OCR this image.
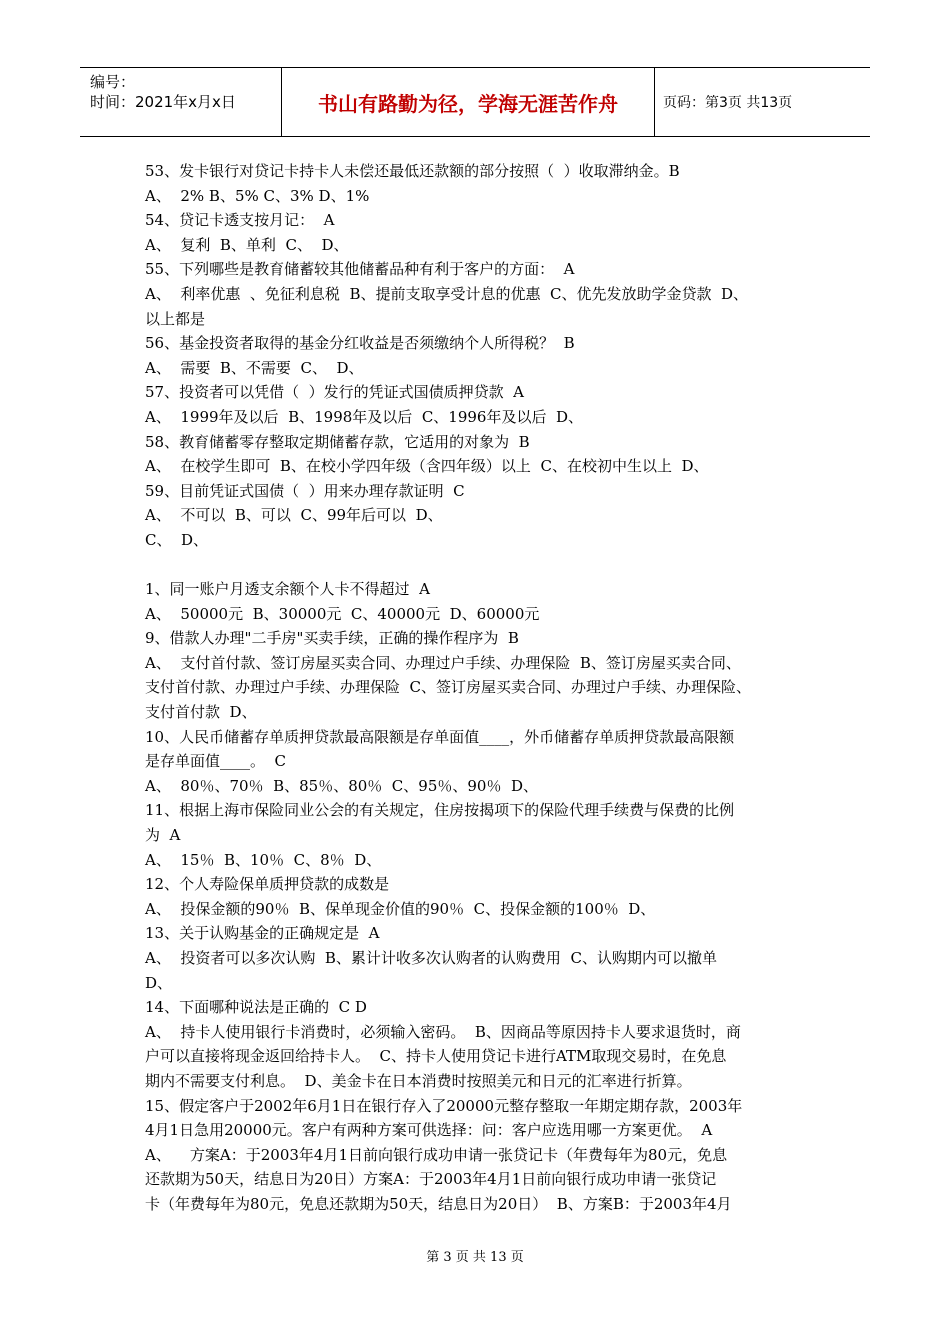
编号：
时间：2021年x月x日	书山有路勤为径，学海无涯苦作舟	页码：第3页 共13页

53、发卡银行对贷记卡持卡人未偿还最低还款额的部分按照（  ）收取滞纳金。B

A、  2% B、5% C、3% D、1%

54、贷记卡透支按月记：  A

A、  复利  B、单利  C、  D、

55、下列哪些是教育储蓄较其他储蓄品种有利于客户的方面：  A

A、  利率优惠  、免征利息税  B、提前支取享受计息的优惠  C、优先发放助学金贷款  D、

以上都是

56、基金投资者取得的基金分红收益是否须缴纳个人所得税？  B

A、  需要  B、不需要  C、  D、

57、投资者可以凭借（  ）发行的凭证式国债质押贷款  A

A、  1999年及以后  B、1998年及以后  C、1996年及以后  D、

58、教育储蓄零存整取定期储蓄存款，它适用的对象为  B

A、  在校学生即可  B、在校小学四年级（含四年级）以上  C、在校初中生以上  D、

59、目前凭证式国债（  ）用来办理存款证明  C

A、  不可以  B、可以  C、99年后可以  D、

C、  D、

1、同一账户月透支余额个人卡不得超过  A

A、  50000元  B、30000元  C、40000元  D、60000元

9、借款人办理"二手房"买卖手续，正确的操作程序为  B

A、  支付首付款、签订房屋买卖合同、办理过户手续、办理保险  B、签订房屋买卖合同、

支付首付款、办理过户手续、办理保险  C、签订房屋买卖合同、办理过户手续、办理保险、

支付首付款  D、

10、人民币储蓄存单质押贷款最高限额是存单面值____，外币储蓄存单质押贷款最高限额

是存单面值____。  C

A、  80％、70％  B、85％、80％  C、95％、90％  D、

11、根据上海市保险同业公会的有关规定，住房按揭项下的保险代理手续费与保费的比例

为  A

A、  15％  B、10％  C、8％  D、

12、个人寿险保单质押贷款的成数是

A、  投保金额的90％  B、保单现金价值的90％  C、投保金额的100％  D、

13、关于认购基金的正确规定是  A

A、  投资者可以多次认购  B、累计计收多次认购者的认购费用  C、认购期内可以撤单

D、

14、下面哪种说法是正确的  C D

A、  持卡人使用银行卡消费时，必须输入密码。  B、因商品等原因持卡人要求退货时，商

户可以直接将现金返回给持卡人。  C、持卡人使用贷记卡进行ATM取现交易时，在免息

期内不需要支付利息。  D、美金卡在日本消费时按照美元和日元的汇率进行折算。

15、假定客户于2002年6月1日在银行存入了20000元整存整取一年期定期存款，2003年

4月1日急用20000元。客户有两种方案可供选择：问：客户应选用哪一方案更优。  A

A、    方案A：于2003年4月1日前向银行成功申请一张贷记卡（年费每年为80元，免息

还款期为50天，结息日为20日）方案A：于2003年4月1日前向银行成功申请一张贷记

卡（年费每年为80元，免息还款期为50天，结息日为20日）  B、方案B：于2003年4月

第 3 页 共 13 页
